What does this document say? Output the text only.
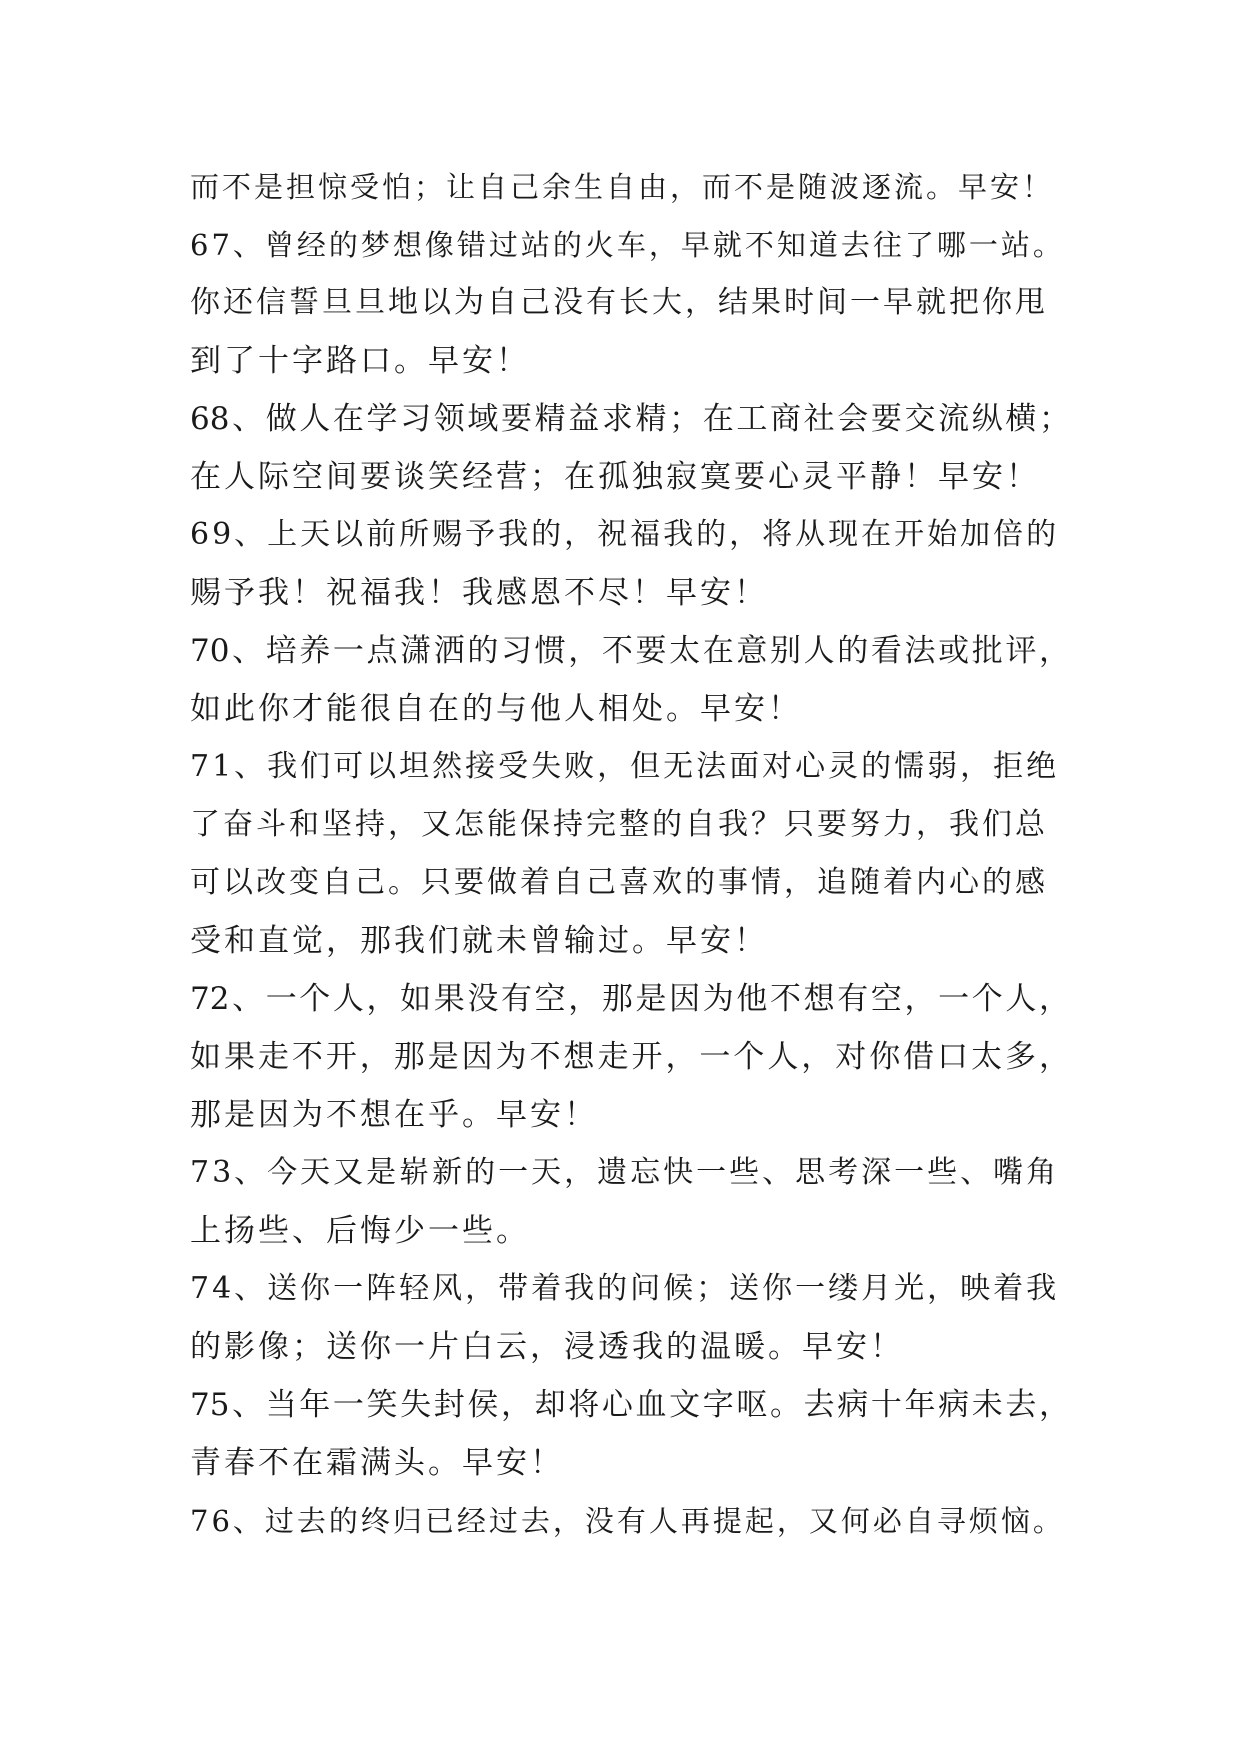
而不是担惊受怕；让自己余生自由，而不是随波逐流。早安！
67、曾经的梦想像错过站的火车，早就不知道去往了哪一站。
你还信誓旦旦地以为自己没有长大，结果时间一早就把你甩
到了十字路口。早安！
68、做人在学习领域要精益求精；在工商社会要交流纵横；
在人际空间要谈笑经营；在孤独寂寞要心灵平静！早安！
69、上天以前所赐予我的，祝福我的，将从现在开始加倍的
赐予我！祝福我！我感恩不尽！早安！
70、培养一点潇洒的习惯，不要太在意别人的看法或批评，
如此你才能很自在的与他人相处。早安！
71、我们可以坦然接受失败，但无法面对心灵的懦弱，拒绝
了奋斗和坚持，又怎能保持完整的自我？只要努力，我们总
可以改变自己。只要做着自己喜欢的事情，追随着内心的感
受和直觉，那我们就未曾输过。早安！
72、一个人，如果没有空，那是因为他不想有空，一个人，
如果走不开，那是因为不想走开，一个人，对你借口太多，
那是因为不想在乎。早安！
73、今天又是崭新的一天，遗忘快一些、思考深一些、嘴角
上扬些、后悔少一些。
74、送你一阵轻风，带着我的问候；送你一缕月光，映着我
的影像；送你一片白云，浸透我的温暖。早安！
75、当年一笑失封侯，却将心血文字呕。去病十年病未去，
青春不在霜满头。早安！
76、过去的终归已经过去，没有人再提起，又何必自寻烦恼。
